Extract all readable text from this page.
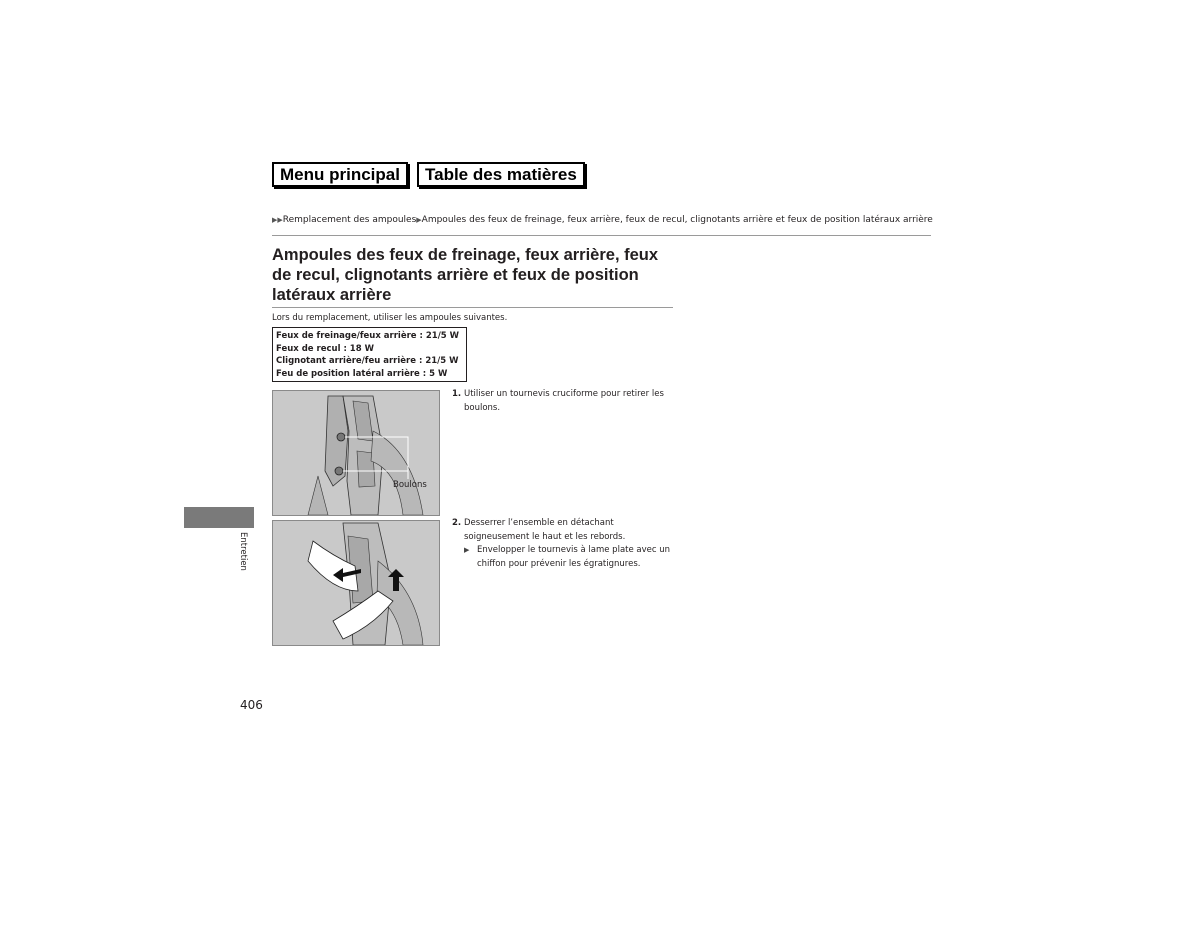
Menu principal	Table des matières
▶▶Remplacement des ampoules▶Ampoules des feux de freinage, feux arrière, feux de recul, clignotants arrière et feux de position latéraux arrière
Ampoules des feux de freinage, feux arrière, feux de recul, clignotants arrière et feux de position latéraux arrière
Lors du remplacement, utiliser les ampoules suivantes.
Feux de freinage/feux arrière : 21/5 W
Feux de recul : 18 W
Clignotant arrière/feu arrière : 21/5 W
Feu de position latéral arrière : 5 W
Boulons
1. Utiliser un tournevis cruciforme pour retirer les boulons.
2. Desserrer l’ensemble en détachant soigneusement le haut et les rebords.
▶ Envelopper le tournevis à lame plate avec un chiffon pour prévenir les égratignures.
Entretien
406
